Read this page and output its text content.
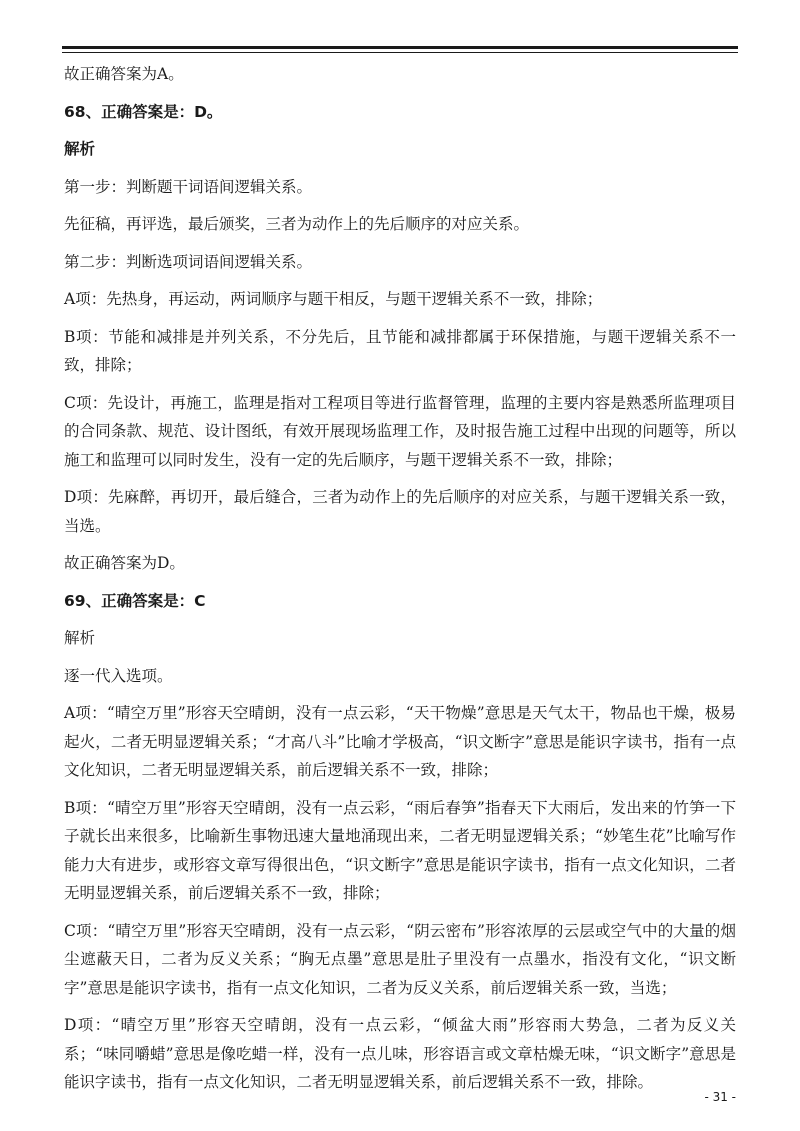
故正确答案为A。

68、正确答案是：D。

解析

第一步：判断题干词语间逻辑关系。

先征稿，再评选，最后颁奖，三者为动作上的先后顺序的对应关系。

第二步：判断选项词语间逻辑关系。

A项：先热身，再运动，两词顺序与题干相反，与题干逻辑关系不一致，排除；

B项：节能和减排是并列关系，不分先后，且节能和减排都属于环保措施，与题干逻辑关系不一致，排除；

C项：先设计，再施工，监理是指对工程项目等进行监督管理，监理的主要内容是熟悉所监理项目的合同条款、规范、设计图纸，有效开展现场监理工作，及时报告施工过程中出现的问题等，所以施工和监理可以同时发生，没有一定的先后顺序，与题干逻辑关系不一致，排除；

D项：先麻醉，再切开，最后缝合，三者为动作上的先后顺序的对应关系，与题干逻辑关系一致，当选。

故正确答案为D。

69、正确答案是：C

解析

逐一代入选项。

A项：“晴空万里”形容天空晴朗，没有一点云彩，“天干物燥”意思是天气太干，物品也干燥，极易起火，二者无明显逻辑关系；“才高八斗”比喻才学极高，“识文断字”意思是能识字读书，指有一点文化知识，二者无明显逻辑关系，前后逻辑关系不一致，排除；

B项：“晴空万里”形容天空晴朗，没有一点云彩，“雨后春笋”指春天下大雨后，发出来的竹笋一下子就长出来很多，比喻新生事物迅速大量地涌现出来，二者无明显逻辑关系；“妙笔生花”比喻写作能力大有进步，或形容文章写得很出色，“识文断字”意思是能识字读书，指有一点文化知识，二者无明显逻辑关系，前后逻辑关系不一致，排除；

C项：“晴空万里”形容天空晴朗，没有一点云彩，“阴云密布”形容浓厚的云层或空气中的大量的烟尘遮蔽天日，二者为反义关系；“胸无点墨”意思是肚子里没有一点墨水，指没有文化，“识文断字”意思是能识字读书，指有一点文化知识，二者为反义关系，前后逻辑关系一致，当选；

D项：“晴空万里”形容天空晴朗，没有一点云彩，“倾盆大雨”形容雨大势急，二者为反义关系；“味同嚼蜡”意思是像吃蜡一样，没有一点儿味，形容语言或文章枯燥无味，“识文断字”意思是能识字读书，指有一点文化知识，二者无明显逻辑关系，前后逻辑关系不一致，排除。

- 31 -
